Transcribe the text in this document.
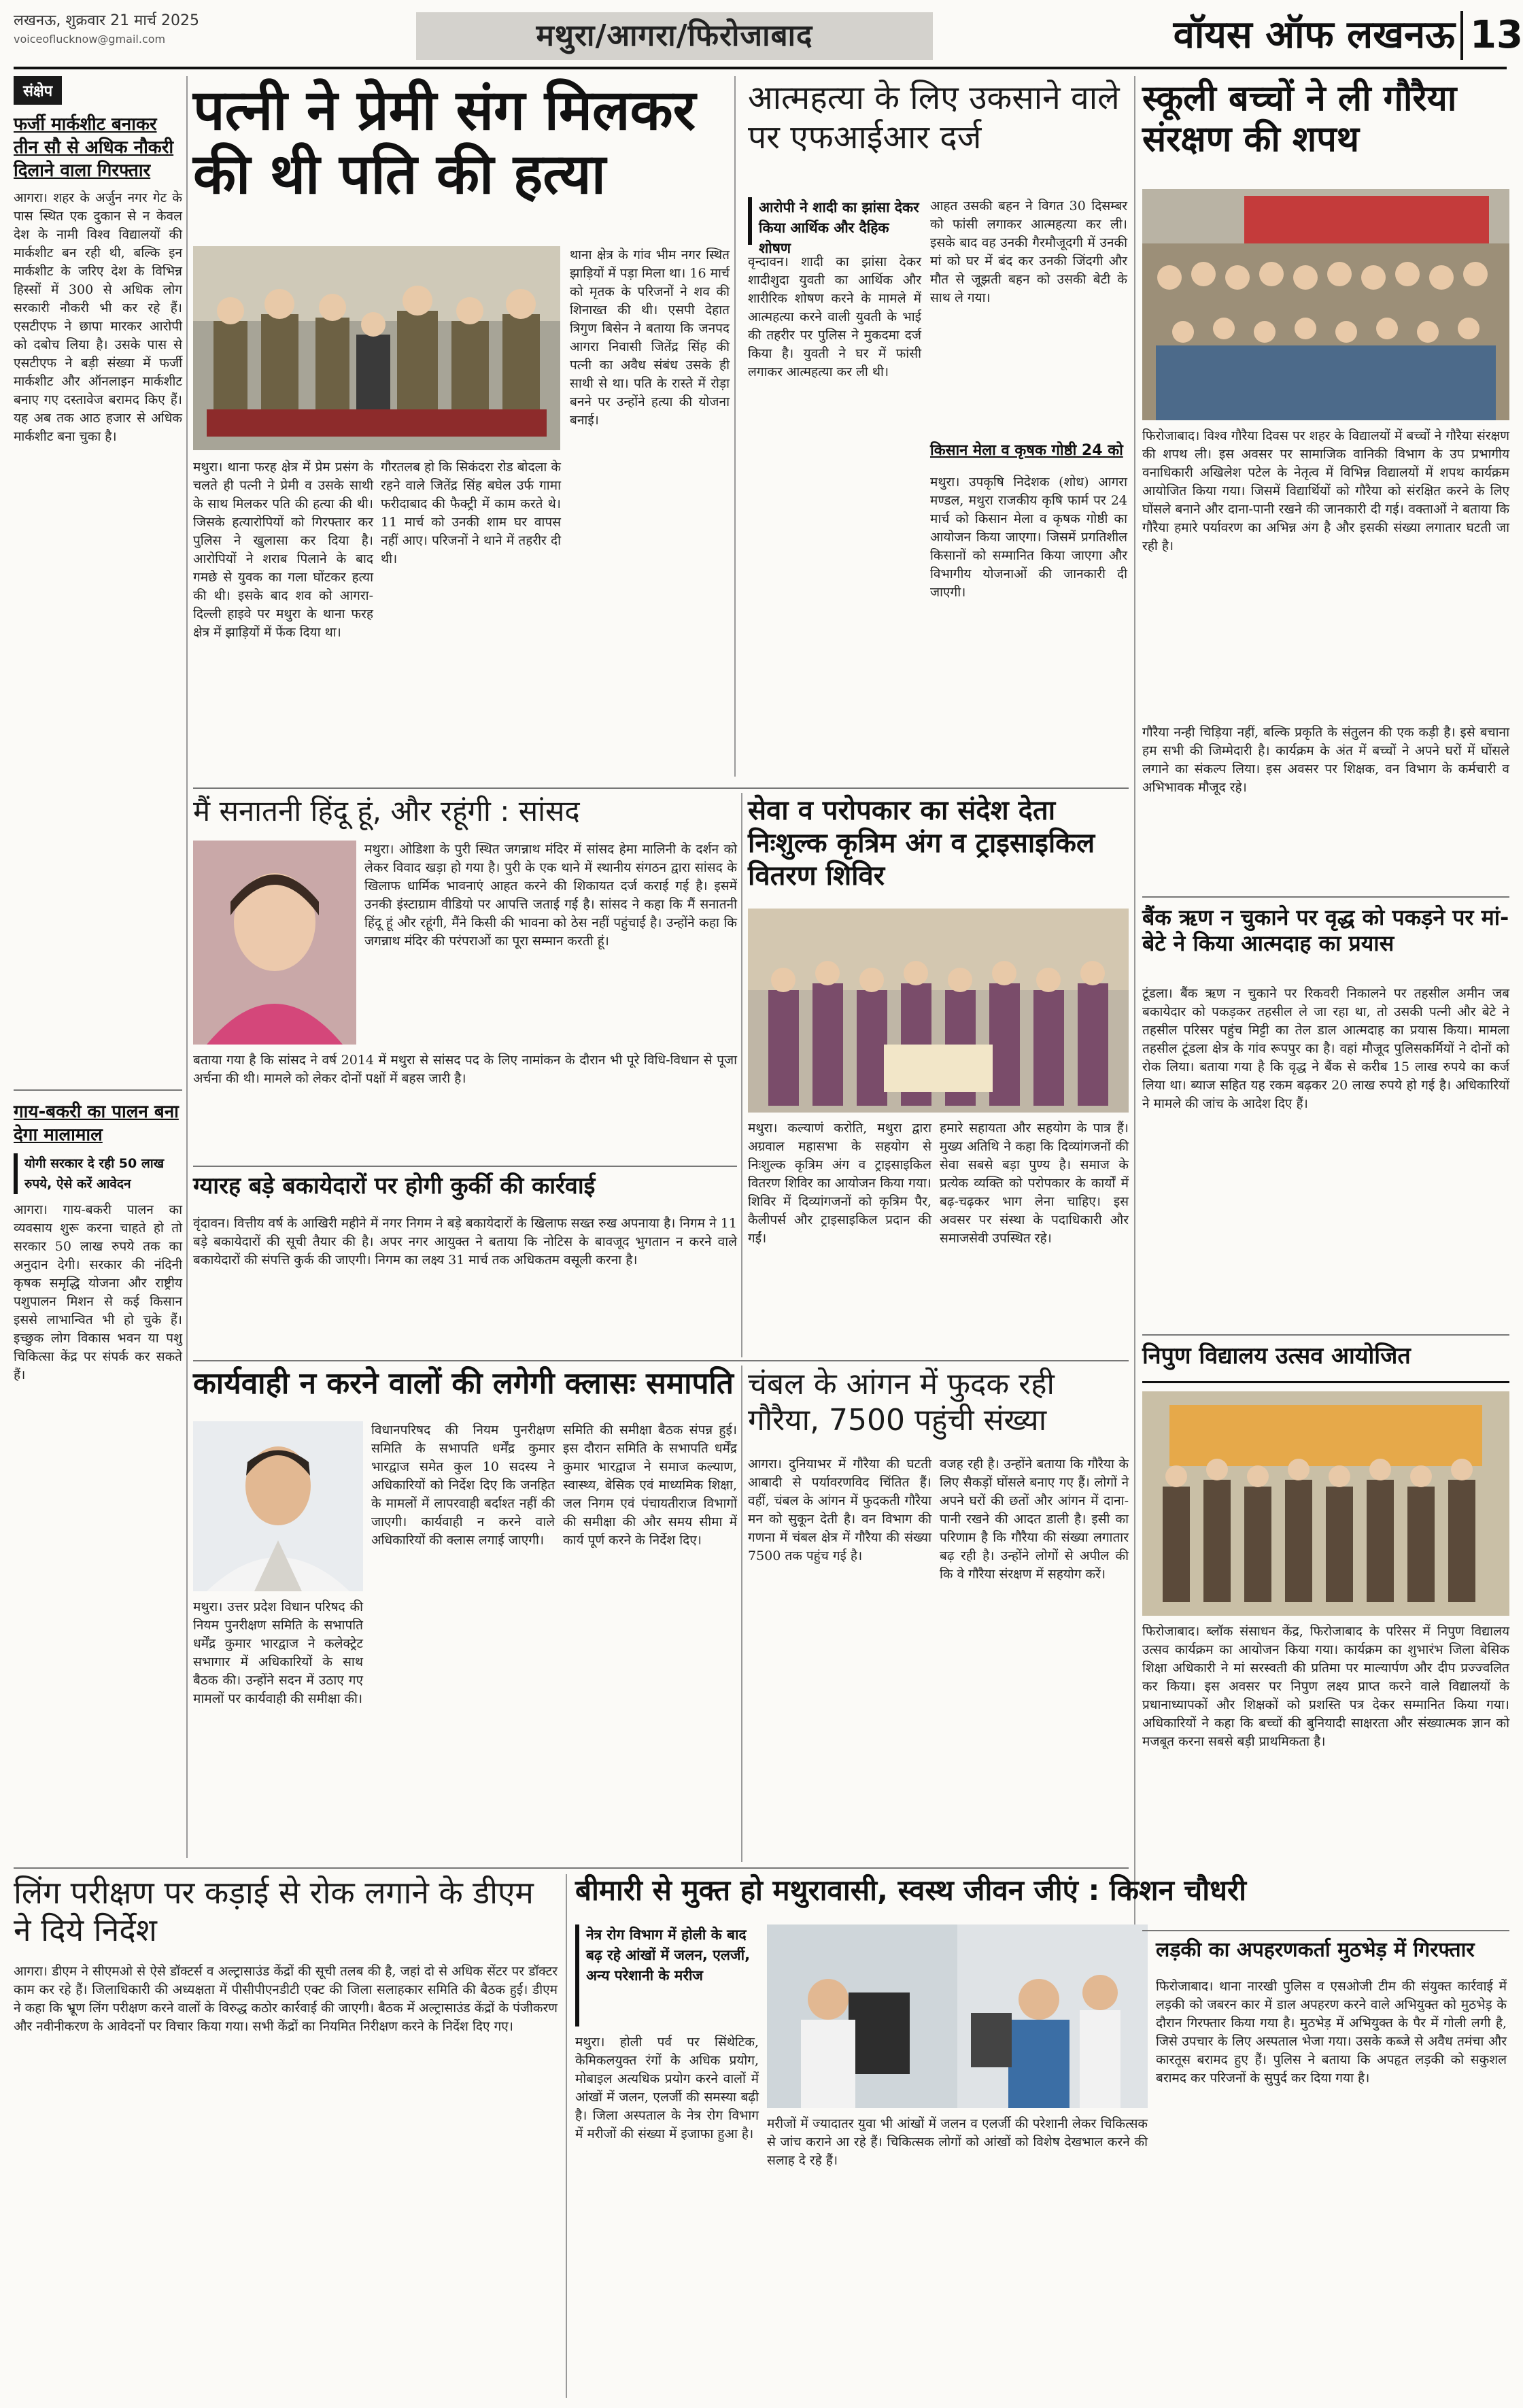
लखनऊ, शुक्रवार 21 मार्च 2025
voiceoflucknow@gmail.com	मथुरा/आगरा/फिरोजाबाद	वॉयस ऑफ लखनऊ 13
संक्षेप
फर्जी मार्कशीट बनाकर तीन सौ से अधिक नौकरी दिलाने वाला गिरफ्तार
आगरा। शहर के अर्जुन नगर गेट के पास स्थित एक दुकान से न केवल देश के नामी विश्व विद्यालयों की मार्कशीट बन रही थी, बल्कि इन मार्कशीट के जरिए देश के विभिन्न हिस्सों में 300 से अधिक लोग सरकारी नौकरी भी कर रहे हैं। एसटीएफ ने छापा मारकर आरोपी को दबोच लिया है। उसके पास से एसटीएफ ने बड़ी संख्या में फर्जी मार्कशीट और ऑनलाइन मार्कशीट बनाए गए दस्तावेज बरामद किए हैं। यह अब तक आठ हजार से अधिक मार्कशीट बना चुका है।
गाय-बकरी का पालन बना देगा मालामाल
योगी सरकार दे रही 50 लाख रुपये, ऐसे करें आवेदन
आगरा। गाय-बकरी पालन का व्यवसाय शुरू करना चाहते हो तो सरकार 50 लाख रुपये तक का अनुदान देगी। सरकार की नंदिनी कृषक समृद्धि योजना और राष्ट्रीय पशुपालन मिशन से कई किसान इससे लाभान्वित भी हो चुके हैं। इच्छुक लोग विकास भवन या पशु चिकित्सा केंद्र पर संपर्क कर सकते हैं।
पत्नी ने प्रेमी संग मिलकर की थी पति की हत्या
मथुरा। थाना फरह क्षेत्र में प्रेम प्रसंग के चलते ही पत्नी ने प्रेमी व उसके साथी के साथ मिलकर पति की हत्या की थी। जिसके हत्यारोपियों को गिरफ्तार कर पुलिस ने खुलासा कर दिया है। आरोपियों ने शराब पिलाने के बाद गमछे से युवक का गला घोंटकर हत्या की थी। इसके बाद शव को आगरा-दिल्ली हाइवे पर मथुरा के थाना फरह क्षेत्र में झाड़ियों में फेंक दिया था।
गौरतलब हो कि सिकंदरा रोड बोदला के रहने वाले जितेंद्र सिंह बघेल उर्फ गामा फरीदाबाद की फैक्ट्री में काम करते थे। 11 मार्च को उनकी शाम घर वापस नहीं आए। परिजनों ने थाने में तहरीर दी थी।
थाना क्षेत्र के गांव भीम नगर स्थित झाड़ियों में पड़ा मिला था। 16 मार्च को मृतक के परिजनों ने शव की शिनाख्त की थी। एसपी देहात त्रिगुण बिसेन ने बताया कि जनपद आगरा निवासी जितेंद्र सिंह की पत्नी का अवैध संबंध उसके ही साथी से था। पति के रास्ते में रोड़ा बनने पर उन्होंने हत्या की योजना बनाई।
आत्महत्या के लिए उकसाने वाले पर एफआईआर दर्ज
आरोपी ने शादी का झांसा देकर किया आर्थिक और दैहिक शोषण
वृन्दावन। शादी का झांसा देकर शादीशुदा युवती का आर्थिक और शारीरिक शोषण करने के मामले में आत्महत्या करने वाली युवती के भाई की तहरीर पर पुलिस ने मुकदमा दर्ज किया है। युवती ने घर में फांसी लगाकर आत्महत्या कर ली थी।
आहत उसकी बहन ने विगत 30 दिसम्बर को फांसी लगाकर आत्महत्या कर ली। इसके बाद वह उनकी गैरमौजूदगी में उनकी मां को घर में बंद कर उनकी जिंदगी और मौत से जूझती बहन को उसकी बेटी के साथ ले गया।
किसान मेला व कृषक गोष्ठी 24 को
मथुरा। उपकृषि निदेशक (शोध) आगरा मण्डल, मथुरा राजकीय कृषि फार्म पर 24 मार्च को किसान मेला व कृषक गोष्ठी का आयोजन किया जाएगा। जिसमें प्रगतिशील किसानों को सम्मानित किया जाएगा और विभागीय योजनाओं की जानकारी दी जाएगी।
स्कूली बच्चों ने ली गौरैया संरक्षण की शपथ
फिरोजाबाद। विश्व गौरैया दिवस पर शहर के विद्यालयों में बच्चों ने गौरैया संरक्षण की शपथ ली। इस अवसर पर सामाजिक वानिकी विभाग के उप प्रभागीय वनाधिकारी अखिलेश पटेल के नेतृत्व में विभिन्न विद्यालयों में शपथ कार्यक्रम आयोजित किया गया। जिसमें विद्यार्थियों को गौरैया को संरक्षित करने के लिए घोंसले बनाने और दाना-पानी रखने की जानकारी दी गई। वक्ताओं ने बताया कि गौरैया हमारे पर्यावरण का अभिन्न अंग है और इसकी संख्या लगातार घटती जा रही है।
गौरैया नन्ही चिड़िया नहीं, बल्कि प्रकृति के संतुलन की एक कड़ी है। इसे बचाना हम सभी की जिम्मेदारी है। कार्यक्रम के अंत में बच्चों ने अपने घरों में घोंसले लगाने का संकल्प लिया। इस अवसर पर शिक्षक, वन विभाग के कर्मचारी व अभिभावक मौजूद रहे।
बैंक ऋण न चुकाने पर वृद्ध को पकड़ने पर मां-बेटे ने किया आत्मदाह का प्रयास
टूंडला। बैंक ऋण न चुकाने पर रिकवरी निकालने पर तहसील अमीन जब बकायेदार को पकड़कर तहसील ले जा रहा था, तो उसकी पत्नी और बेटे ने तहसील परिसर पहुंच मिट्टी का तेल डाल आत्मदाह का प्रयास किया। मामला तहसील टूंडला क्षेत्र के गांव रूपपुर का है। वहां मौजूद पुलिसकर्मियों ने दोनों को रोक लिया। बताया गया है कि वृद्ध ने बैंक से करीब 15 लाख रुपये का कर्ज लिया था। ब्याज सहित यह रकम बढ़कर 20 लाख रुपये हो गई है। अधिकारियों ने मामले की जांच के आदेश दिए हैं।
निपुण विद्यालय उत्सव आयोजित
फिरोजाबाद। ब्लॉक संसाधन केंद्र, फिरोजाबाद के परिसर में निपुण विद्यालय उत्सव कार्यक्रम का आयोजन किया गया। कार्यक्रम का शुभारंभ जिला बेसिक शिक्षा अधिकारी ने मां सरस्वती की प्रतिमा पर माल्यार्पण और दीप प्रज्ज्वलित कर किया। इस अवसर पर निपुण लक्ष्य प्राप्त करने वाले विद्यालयों के प्रधानाध्यापकों और शिक्षकों को प्रशस्ति पत्र देकर सम्मानित किया गया। अधिकारियों ने कहा कि बच्चों की बुनियादी साक्षरता और संख्यात्मक ज्ञान को मजबूत करना सबसे बड़ी प्राथमिकता है।
मैं सनातनी हिंदू हूं, और रहूंगी : सांसद
मथुरा। ओडिशा के पुरी स्थित जगन्नाथ मंदिर में सांसद हेमा मालिनी के दर्शन को लेकर विवाद खड़ा हो गया है। पुरी के एक थाने में स्थानीय संगठन द्वारा सांसद के खिलाफ धार्मिक भावनाएं आहत करने की शिकायत दर्ज कराई गई है। इसमें उनकी इंस्टाग्राम वीडियो पर आपत्ति जताई गई है। सांसद ने कहा कि मैं सनातनी हिंदू हूं और रहूंगी, मैंने किसी की भावना को ठेस नहीं पहुंचाई है। उन्होंने कहा कि जगन्नाथ मंदिर की परंपराओं का पूरा सम्मान करती हूं।
बताया गया है कि सांसद ने वर्ष 2014 में मथुरा से सांसद पद के लिए नामांकन के दौरान भी पूरे विधि-विधान से पूजा अर्चना की थी। मामले को लेकर दोनों पक्षों में बहस जारी है।
ग्यारह बड़े बकायेदारों पर होगी कुर्की की कार्रवाई
वृंदावन। वित्तीय वर्ष के आखिरी महीने में नगर निगम ने बड़े बकायेदारों के खिलाफ सख्त रुख अपनाया है। निगम ने 11 बड़े बकायेदारों की सूची तैयार की है। अपर नगर आयुक्त ने बताया कि नोटिस के बावजूद भुगतान न करने वाले बकायेदारों की संपत्ति कुर्क की जाएगी। निगम का लक्ष्य 31 मार्च तक अधिकतम वसूली करना है।
सेवा व परोपकार का संदेश देता निःशुल्क कृत्रिम अंग व ट्राइसाइकिल वितरण शिविर
मथुरा। कल्याणं करोति, मथुरा द्वारा अग्रवाल महासभा के सहयोग से निःशुल्क कृत्रिम अंग व ट्राइसाइकिल वितरण शिविर का आयोजन किया गया। शिविर में दिव्यांगजनों को कृत्रिम पैर, कैलीपर्स और ट्राइसाइकिल प्रदान की गईं।
हमारे सहायता और सहयोग के पात्र हैं। मुख्य अतिथि ने कहा कि दिव्यांगजनों की सेवा सबसे बड़ा पुण्य है। समाज के प्रत्येक व्यक्ति को परोपकार के कार्यों में बढ़-चढ़कर भाग लेना चाहिए। इस अवसर पर संस्था के पदाधिकारी और समाजसेवी उपस्थित रहे।
कार्यवाही न करने वालों की लगेगी क्लासः समापति
विधानपरिषद की नियम पुनरीक्षण समिति के सभापति धर्मेंद्र कुमार भारद्वाज समेत कुल 10 सदस्य ने अधिकारियों को निर्देश दिए कि जनहित के मामलों में लापरवाही बर्दाश्त नहीं की जाएगी। कार्यवाही न करने वाले अधिकारियों की क्लास लगाई जाएगी।
समिति की समीक्षा बैठक संपन्न हुई। इस दौरान समिति के सभापति धर्मेंद्र कुमार भारद्वाज ने समाज कल्याण, स्वास्थ्य, बेसिक एवं माध्यमिक शिक्षा, जल निगम एवं पंचायतीराज विभागों की समीक्षा की और समय सीमा में कार्य पूर्ण करने के निर्देश दिए।
मथुरा। उत्तर प्रदेश विधान परिषद की नियम पुनरीक्षण समिति के सभापति धर्मेंद्र कुमार भारद्वाज ने कलेक्ट्रेट सभागार में अधिकारियों के साथ बैठक की। उन्होंने सदन में उठाए गए मामलों पर कार्यवाही की समीक्षा की।
चंबल के आंगन में फुदक रही गौरैया, 7500 पहुंची संख्या
आगरा। दुनियाभर में गौरैया की घटती आबादी से पर्यावरणविद चिंतित हैं। वहीं, चंबल के आंगन में फुदकती गौरैया मन को सुकून देती है। वन विभाग की गणना में चंबल क्षेत्र में गौरैया की संख्या 7500 तक पहुंच गई है।
वजह रही है। उन्होंने बताया कि गौरैया के लिए सैकड़ों घोंसले बनाए गए हैं। लोगों ने अपने घरों की छतों और आंगन में दाना-पानी रखने की आदत डाली है। इसी का परिणाम है कि गौरैया की संख्या लगातार बढ़ रही है। उन्होंने लोगों से अपील की कि वे गौरैया संरक्षण में सहयोग करें।
लिंग परीक्षण पर कड़ाई से रोक लगाने के डीएम ने दिये निर्देश
आगरा। डीएम ने सीएमओ से ऐसे डॉक्टर्स व अल्ट्रासाउंड केंद्रों की सूची तलब की है, जहां दो से अधिक सेंटर पर डॉक्टर काम कर रहे हैं। जिलाधिकारी की अध्यक्षता में पीसीपीएनडीटी एक्ट की जिला सलाहकार समिति की बैठक हुई। डीएम ने कहा कि भ्रूण लिंग परीक्षण करने वालों के विरुद्ध कठोर कार्रवाई की जाएगी। बैठक में अल्ट्रासाउंड केंद्रों के पंजीकरण और नवीनीकरण के आवेदनों पर विचार किया गया। सभी केंद्रों का नियमित निरीक्षण करने के निर्देश दिए गए।
बीमारी से मुक्त हो मथुरावासी, स्वस्थ जीवन जीएं : किशन चौधरी
नेत्र रोग विभाग में होली के बाद बढ़ रहे आंखों में जलन, एलर्जी, अन्य परेशानी के मरीज
मथुरा। होली पर्व पर सिंथेटिक, केमिकलयुक्त रंगों के अधिक प्रयोग, मोबाइल अत्यधिक प्रयोग करने वालों में आंखों में जलन, एलर्जी की समस्या बढ़ी है। जिला अस्पताल के नेत्र रोग विभाग में मरीजों की संख्या में इजाफा हुआ है।
मरीजों में ज्यादातर युवा भी आंखों में जलन व एलर्जी की परेशानी लेकर चिकित्सक से जांच कराने आ रहे हैं। चिकित्सक लोगों को आंखों को विशेष देखभाल करने की सलाह दे रहे हैं।
लड़की का अपहरणकर्ता मुठभेड़ में गिरफ्तार
फिरोजाबाद। थाना नारखी पुलिस व एसओजी टीम की संयुक्त कार्रवाई में लड़की को जबरन कार में डाल अपहरण करने वाले अभियुक्त को मुठभेड़ के दौरान गिरफ्तार किया गया है। मुठभेड़ में अभियुक्त के पैर में गोली लगी है, जिसे उपचार के लिए अस्पताल भेजा गया। उसके कब्जे से अवैध तमंचा और कारतूस बरामद हुए हैं। पुलिस ने बताया कि अपहृत लड़की को सकुशल बरामद कर परिजनों के सुपुर्द कर दिया गया है।
